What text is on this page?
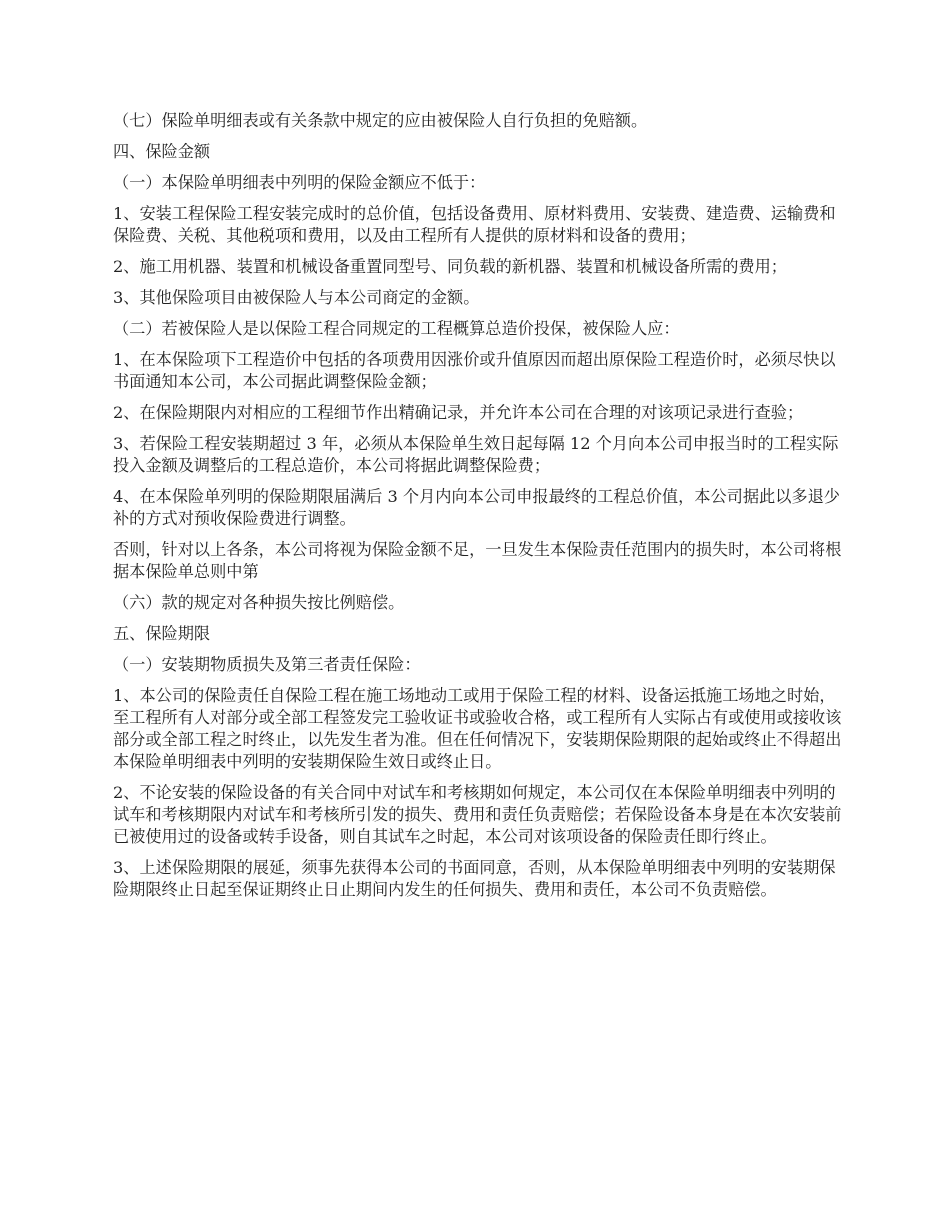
（七）保险单明细表或有关条款中规定的应由被保险人自行负担的免赔额。

四、保险金额

（一）本保险单明细表中列明的保险金额应不低于：

1、安装工程保险工程安装完成时的总价值，包括设备费用、原材料费用、安装费、建造费、运输费和保险费、关税、其他税项和费用，以及由工程所有人提供的原材料和设备的费用；

2、施工用机器、装置和机械设备重置同型号、同负载的新机器、装置和机械设备所需的费用；

3、其他保险项目由被保险人与本公司商定的金额。

（二）若被保险人是以保险工程合同规定的工程概算总造价投保，被保险人应：

1、在本保险项下工程造价中包括的各项费用因涨价或升值原因而超出原保险工程造价时，必须尽快以书面通知本公司，本公司据此调整保险金额；

2、在保险期限内对相应的工程细节作出精确记录，并允许本公司在合理的对该项记录进行查验；

3、若保险工程安装期超过 3 年，必须从本保险单生效日起每隔 12 个月向本公司申报当时的工程实际投入金额及调整后的工程总造价，本公司将据此调整保险费；

4、在本保险单列明的保险期限届满后 3 个月内向本公司申报最终的工程总价值，本公司据此以多退少补的方式对预收保险费进行调整。

否则，针对以上各条，本公司将视为保险金额不足，一旦发生本保险责任范围内的损失时，本公司将根据本保险单总则中第

（六）款的规定对各种损失按比例赔偿。

五、保险期限

（一）安装期物质损失及第三者责任保险：

1、本公司的保险责任自保险工程在施工场地动工或用于保险工程的材料、设备运抵施工场地之时始，至工程所有人对部分或全部工程签发完工验收证书或验收合格，或工程所有人实际占有或使用或接收该部分或全部工程之时终止，以先发生者为准。但在任何情况下，安装期保险期限的起始或终止不得超出本保险单明细表中列明的安装期保险生效日或终止日。

2、不论安装的保险设备的有关合同中对试车和考核期如何规定，本公司仅在本保险单明细表中列明的试车和考核期限内对试车和考核所引发的损失、费用和责任负责赔偿；若保险设备本身是在本次安装前已被使用过的设备或转手设备，则自其试车之时起，本公司对该项设备的保险责任即行终止。

3、上述保险期限的展延，须事先获得本公司的书面同意，否则，从本保险单明细表中列明的安装期保险期限终止日起至保证期终止日止期间内发生的任何损失、费用和责任，本公司不负责赔偿。
